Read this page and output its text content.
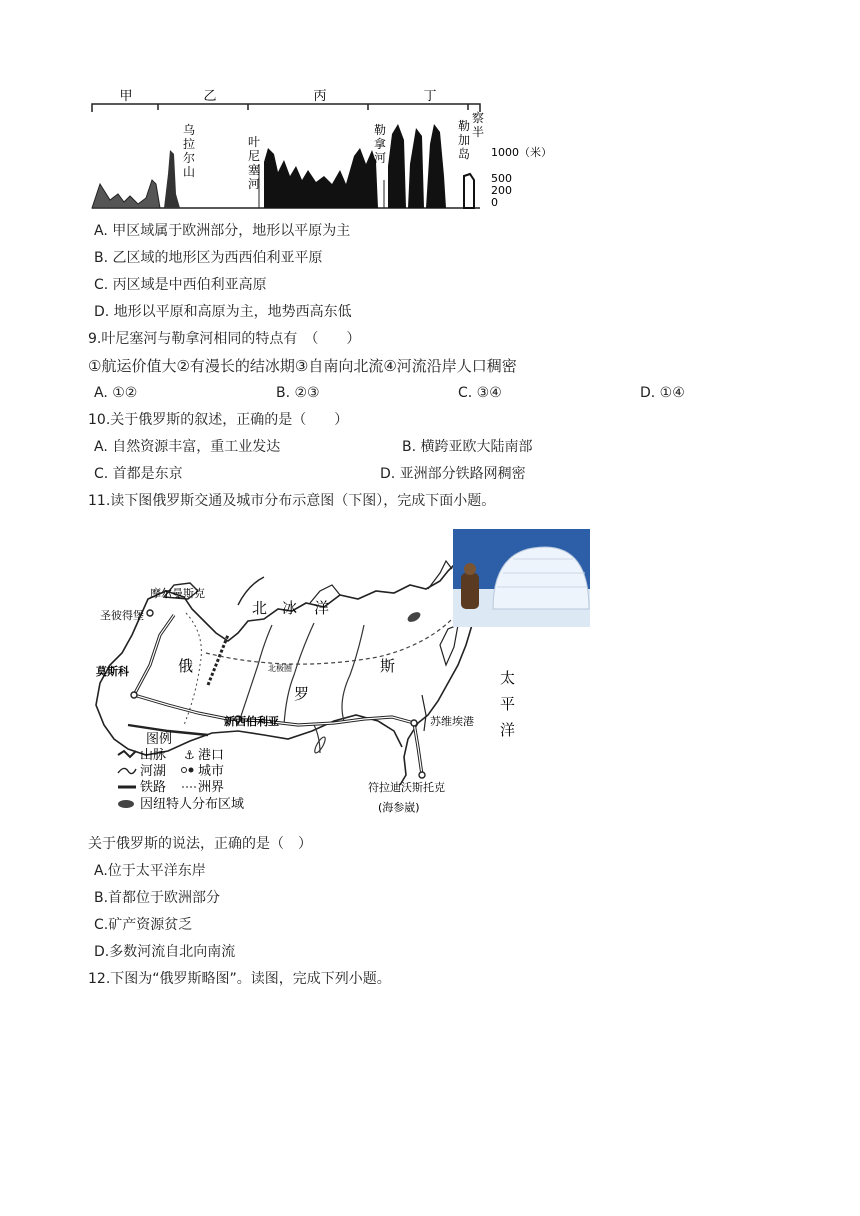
甲	乙	丙	丁
乌拉尔山
叶尼塞河
勒拿河
勒加岛 察半
1000（米）
500
200
0
A. 甲区域属于欧洲部分，地形以平原为主
B. 乙区域的地形区为西西伯利亚平原
C. 丙区域是中西伯利亚高原
D. 地形以平原和高原为主，地势西高东低
9.叶尼塞河与勒拿河相同的特点有　（　　）
①航运价值大②有漫长的结冰期③自南向北流④河流沿岸人口稠密
A. ①②	B. ②③	C. ③④	D. ①④
10.关于俄罗斯的叙述，正确的是（　　）
A. 自然资源丰富，重工业发达	B. 横跨亚欧大陆南部
C. 首都是东京	D. 亚洲部分铁路网稠密
11.读下图俄罗斯交通及城市分布示意图（下图），完成下面小题。
北 冰 洋
俄
罗
斯
太
平
洋
北极圈
摩尔曼斯克
圣彼得堡
莫斯科
新西伯利亚	苏维埃港
符拉迪沃斯托克
(海参崴)
图例
山脉 ⚓ 港口
河湖 城市
铁路 洲界
因纽特人分布区域
关于俄罗斯的说法，正确的是（　）
A.位于太平洋东岸
B.首都位于欧洲部分
C.矿产资源贫乏
D.多数河流自北向南流
12.下图为“俄罗斯略图”。读图，完成下列小题。
